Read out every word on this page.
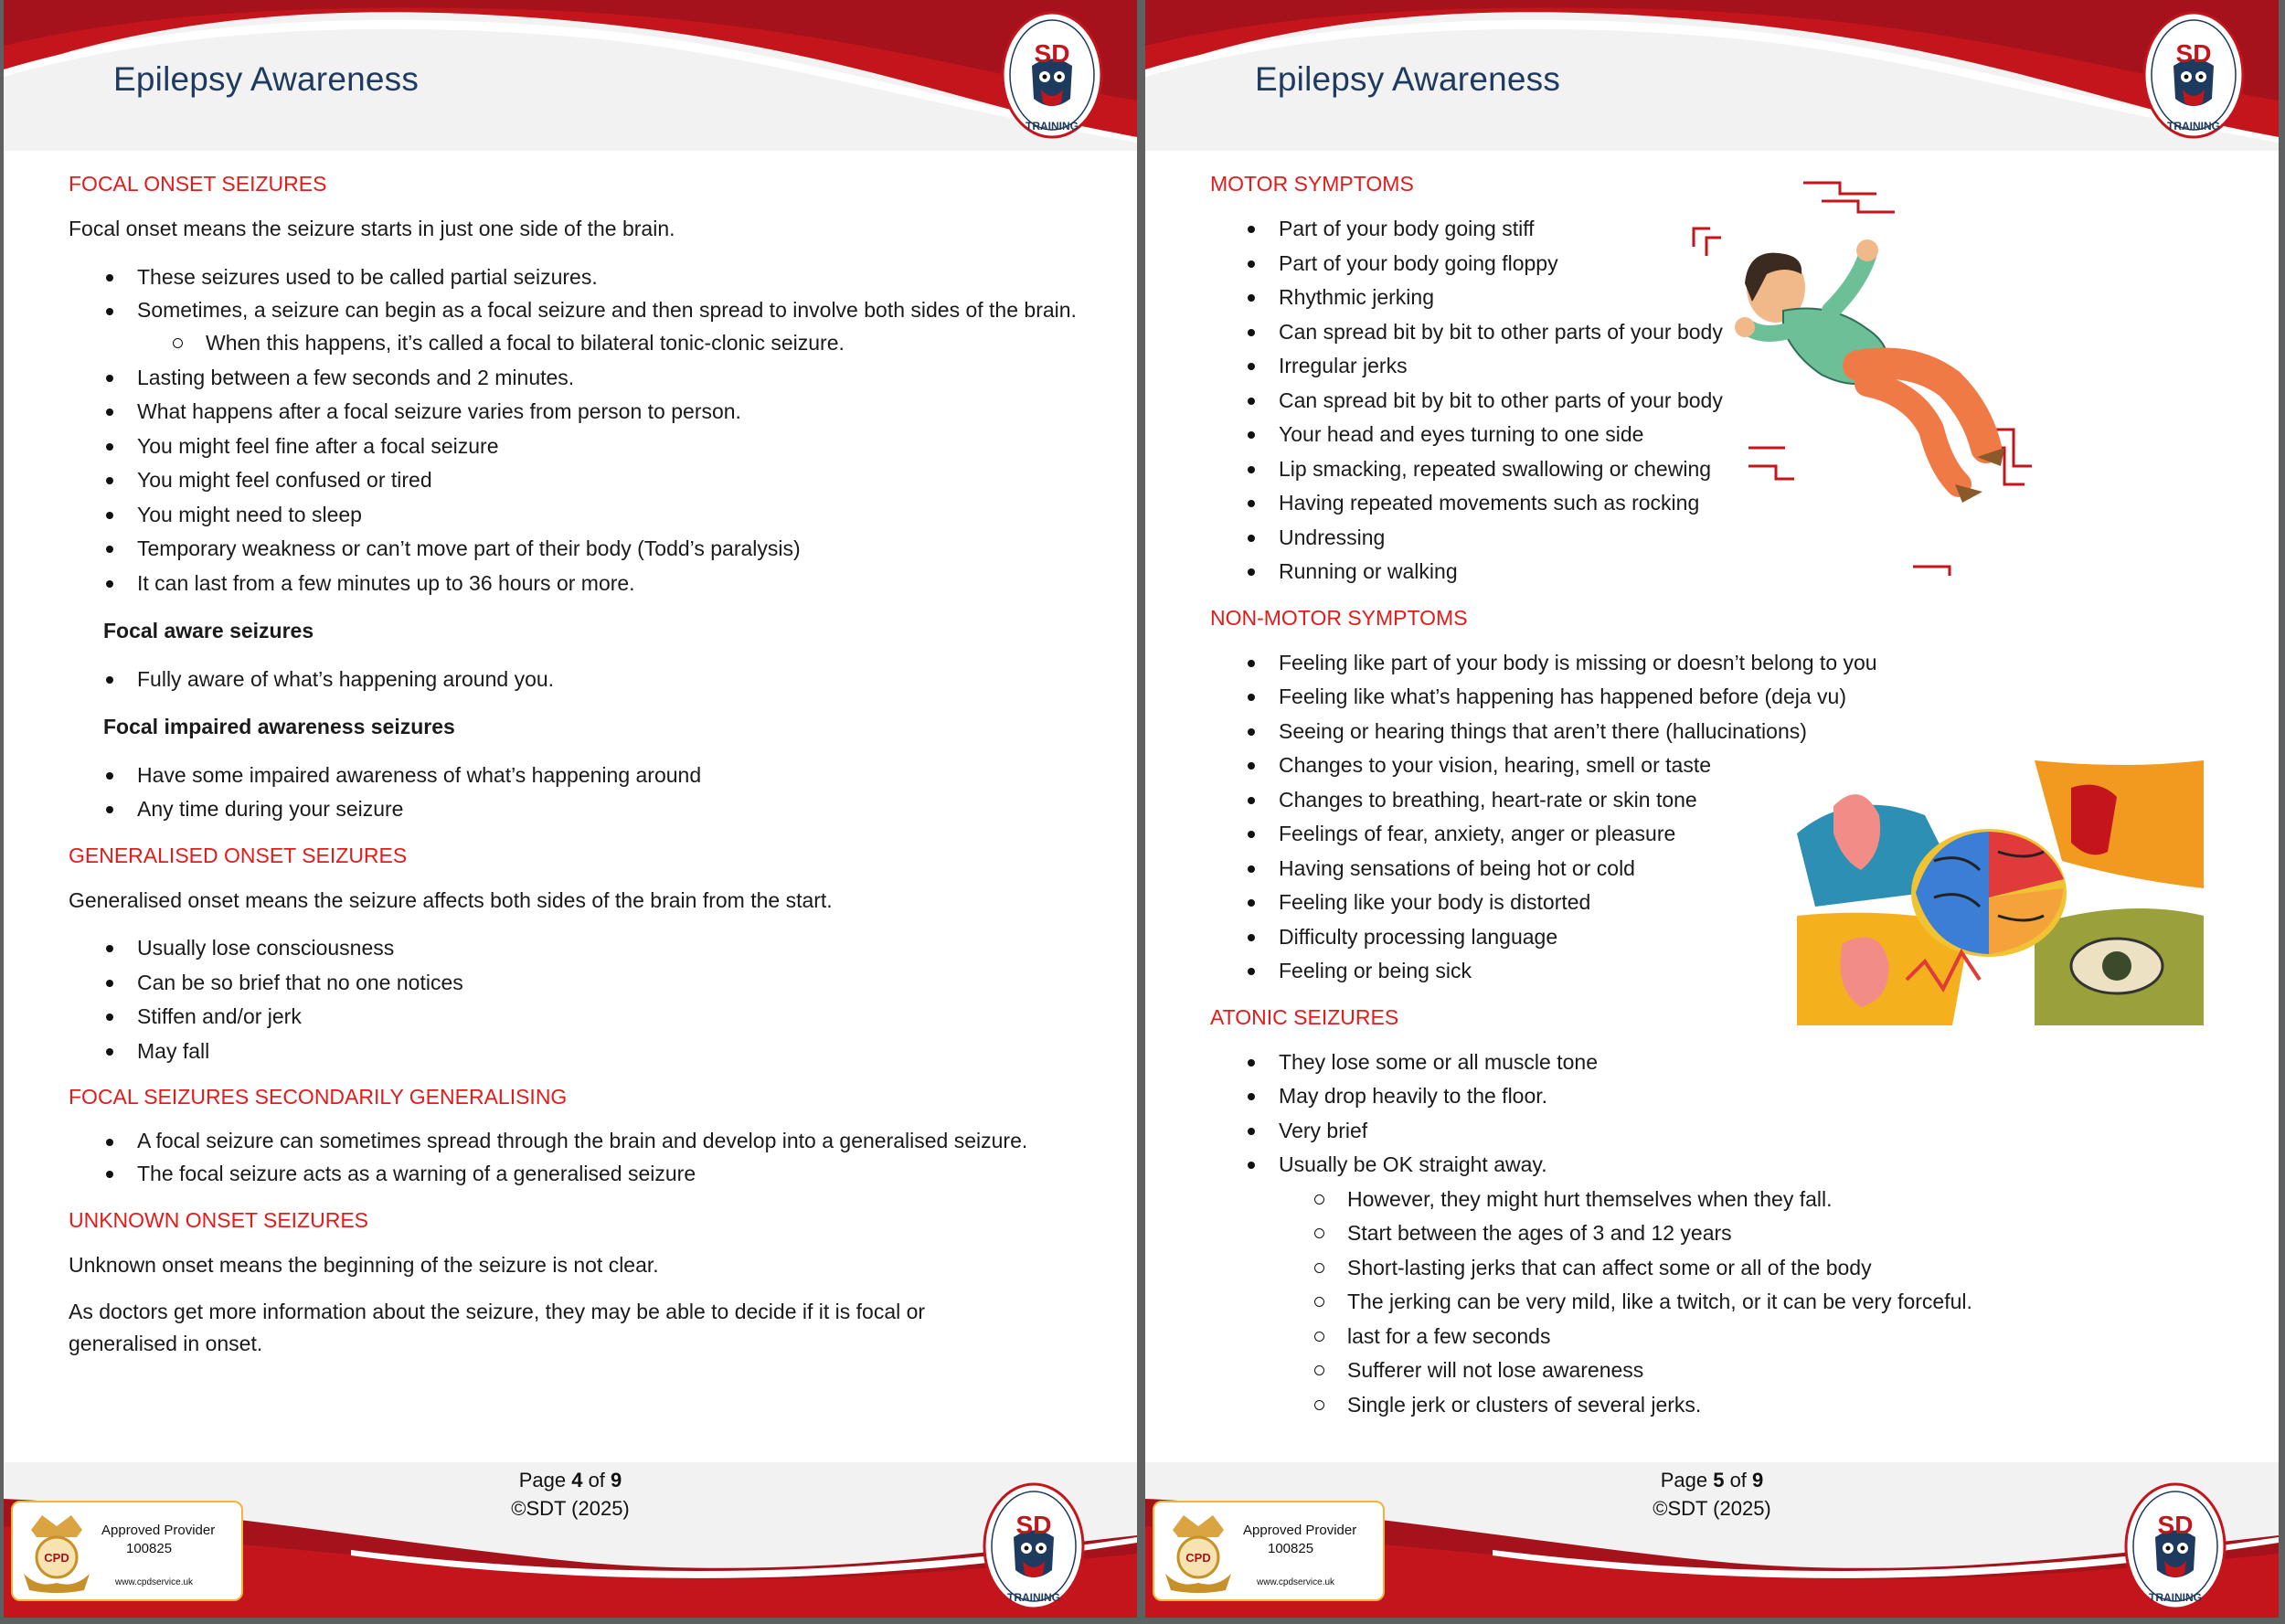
Epilepsy Awareness
SD
TRAINING
FOCAL ONSET SEIZURES

Focal onset means the seizure starts in just one side of the brain.

These seizures used to be called partial seizures.
Sometimes, a seizure can begin as a focal seizure and then spread to involve both sides of the brain.
When this happens, it’s called a focal to bilateral tonic-clonic seizure.
Lasting between a few seconds and 2 minutes.
What happens after a focal seizure varies from person to person.
You might feel fine after a focal seizure
You might feel confused or tired
You might need to sleep
Temporary weakness or can’t move part of their body (Todd’s paralysis)
It can last from a few minutes up to 36 hours or more.

Focal aware seizures

Fully aware of what’s happening around you.

Focal impaired awareness seizures

Have some impaired awareness of what’s happening around
Any time during your seizure
GENERALISED ONSET SEIZURES

Generalised onset means the seizure affects both sides of the brain from the start.

Usually lose consciousness
Can be so brief that no one notices
Stiffen and/or jerk
May fall
FOCAL SEIZURES SECONDARILY GENERALISING
A focal seizure can sometimes spread through the brain and develop into a generalised seizure.
The focal seizure acts as a warning of a generalised seizure
UNKNOWN ONSET SEIZURES

Unknown onset means the beginning of the seizure is not clear.

As doctors get more information about the seizure, they may be able to decide if it is focal or generalised in onset.

Page 4 of 9
©SDT (2025)
CPD
Approved Provider
100825
www.cpdservice.uk
SD
TRAINING
Epilepsy Awareness
SD
TRAINING
MOTOR SYMPTOMS
Part of your body going stiff
Part of your body going floppy
Rhythmic jerking
Can spread bit by bit to other parts of your body
Irregular jerks
Can spread bit by bit to other parts of your body
Your head and eyes turning to one side
Lip smacking, repeated swallowing or chewing
Having repeated movements such as rocking
Undressing
Running or walking
NON-MOTOR SYMPTOMS
Feeling like part of your body is missing or doesn’t belong to you
Feeling like what’s happening has happened before (deja vu)
Seeing or hearing things that aren’t there (hallucinations)
Changes to your vision, hearing, smell or taste
Changes to breathing, heart-rate or skin tone
Feelings of fear, anxiety, anger or pleasure
Having sensations of being hot or cold
Feeling like your body is distorted
Difficulty processing language
Feeling or being sick
ATONIC SEIZURES
They lose some or all muscle tone
May drop heavily to the floor.
Very brief
Usually be OK straight away.
However, they might hurt themselves when they fall.
Start between the ages of 3 and 12 years
Short-lasting jerks that can affect some or all of the body
The jerking can be very mild, like a twitch, or it can be very forceful.
last for a few seconds
Sufferer will not lose awareness
Single jerk or clusters of several jerks.
Page 5 of 9
©SDT (2025)
CPD
Approved Provider
100825
www.cpdservice.uk
SD
TRAINING
